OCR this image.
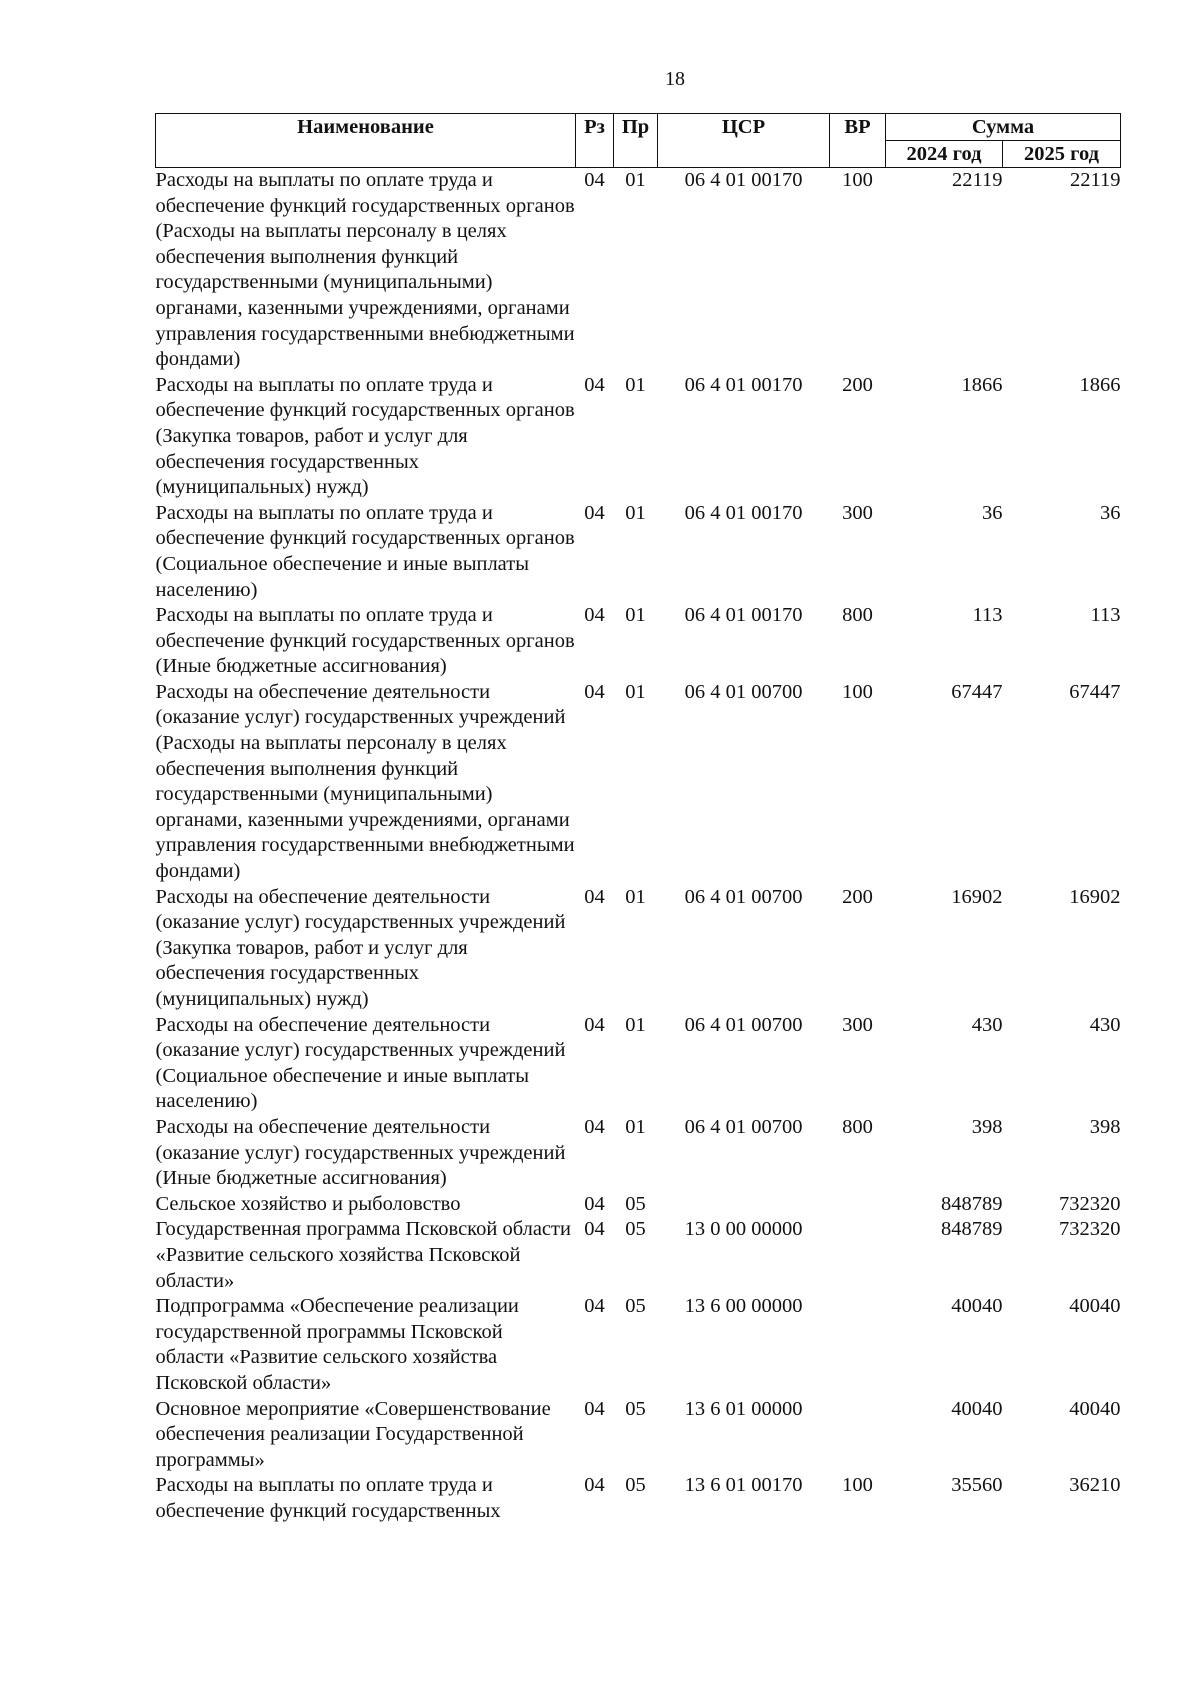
18
Наименование	Рз	Пр	ЦСР	ВР	Сумма	
					2024 год	2025 год
Расходы на выплаты по оплате труда и обеспечение функций государственных органов (Расходы на выплаты персоналу в целях обеспечения выполнения функций государственными (муниципальными) органами, казенными учреждениями, органами управления государственными внебюджетными фондами)	04	01	06 4 01 00170	100	22119	22119
Расходы на выплаты по оплате труда и обеспечение функций государственных органов (Закупка товаров, работ и услуг для обеспечения государственных (муниципальных) нужд)	04	01	06 4 01 00170	200	1866	1866
Расходы на выплаты по оплате труда и обеспечение функций государственных органов (Социальное обеспечение и иные выплаты населению)	04	01	06 4 01 00170	300	36	36
Расходы на выплаты по оплате труда и обеспечение функций государственных органов (Иные бюджетные ассигнования)	04	01	06 4 01 00170	800	113	113
Расходы на обеспечение деятельности (оказание услуг) государственных учреждений (Расходы на выплаты персоналу в целях обеспечения выполнения функций государственными (муниципальными) органами, казенными учреждениями, органами управления государственными внебюджетными фондами)	04	01	06 4 01 00700	100	67447	67447
Расходы на обеспечение деятельности (оказание услуг) государственных учреждений (Закупка товаров, работ и услуг для обеспечения государственных (муниципальных) нужд)	04	01	06 4 01 00700	200	16902	16902
Расходы на обеспечение деятельности (оказание услуг) государственных учреждений (Социальное обеспечение и иные выплаты населению)	04	01	06 4 01 00700	300	430	430
Расходы на обеспечение деятельности (оказание услуг) государственных учреждений (Иные бюджетные ассигнования)	04	01	06 4 01 00700	800	398	398
Сельское хозяйство и рыболовство	04	05			848789	732320
Государственная программа Псковской области «Развитие сельского хозяйства Псковской области»	04	05	13 0 00 00000		848789	732320
Подпрограмма «Обеспечение реализации государственной программы Псковской области «Развитие сельского хозяйства Псковской области»	04	05	13 6 00 00000		40040	40040
Основное мероприятие «Совершенствование обеспечения реализации Государственной программы»	04	05	13 6 01 00000		40040	40040
Расходы на выплаты по оплате труда и обеспечение функций государственных	04	05	13 6 01 00170	100	35560	36210
